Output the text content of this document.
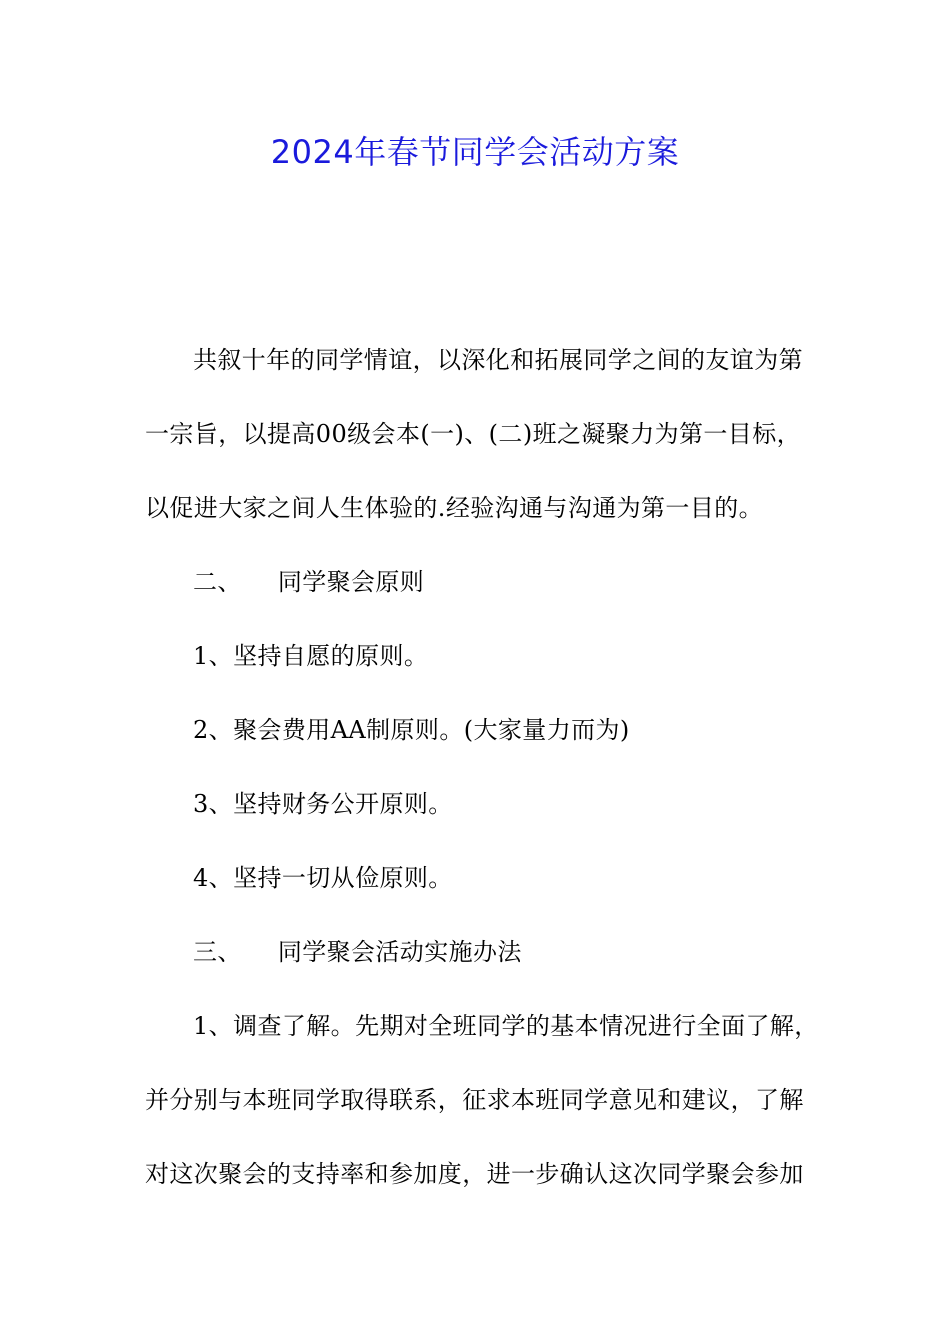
2024年春节同学会活动方案
共叙十年的同学情谊，以深化和拓展同学之间的友谊为第
一宗旨，以提高00级会本(一)、(二)班之凝聚力为第一目标，
以促进大家之间人生体验的.经验沟通与沟通为第一目的。
二、 同学聚会原则
1、坚持自愿的原则。
2、聚会费用AA制原则。(大家量力而为)
3、坚持财务公开原则。
4、坚持一切从俭原则。
三、 同学聚会活动实施办法
1、调查了解。先期对全班同学的基本情况进行全面了解，
并分别与本班同学取得联系，征求本班同学意见和建议，了解
对这次聚会的支持率和参加度，进一步确认这次同学聚会参加
